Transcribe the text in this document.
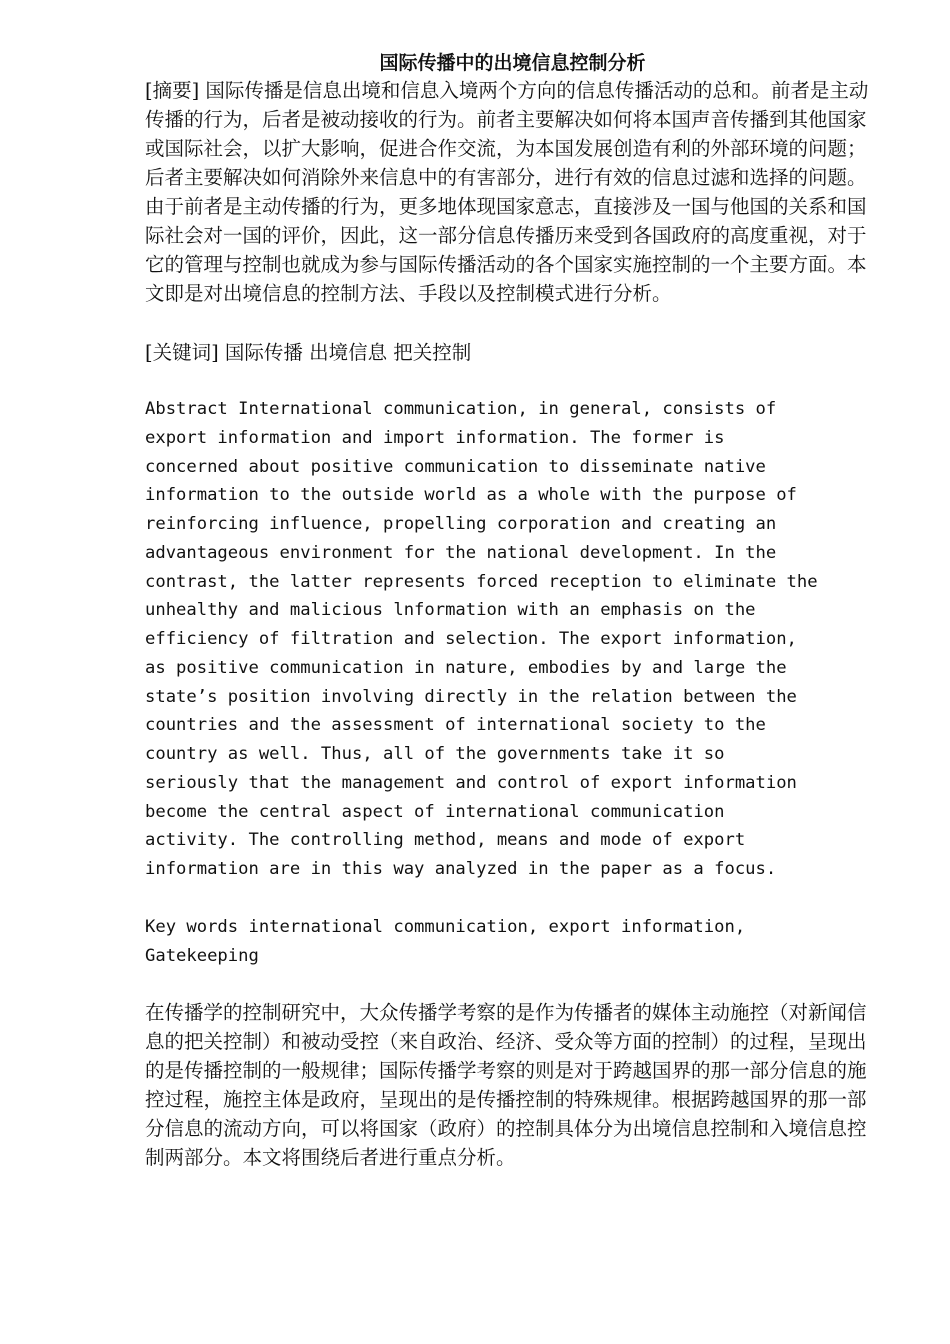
国际传播中的出境信息控制分析

[摘要] 国际传播是信息出境和信息入境两个方向的信息传播活动的总和。前者是主动传播的行为，后者是被动接收的行为。前者主要解决如何将本国声音传播到其他国家或国际社会，以扩大影响，促进合作交流，为本国发展创造有利的外部环境的问题；后者主要解决如何消除外来信息中的有害部分，进行有效的信息过滤和选择的问题。由于前者是主动传播的行为，更多地体现国家意志，直接涉及一国与他国的关系和国际社会对一国的评价，因此，这一部分信息传播历来受到各国政府的高度重视，对于它的管理与控制也就成为参与国际传播活动的各个国家实施控制的一个主要方面。本文即是对出境信息的控制方法、手段以及控制模式进行分析。

[关键词] 国际传播 出境信息 把关控制

Abstract International communication, in general, consists of
export information and import information. The former is
concerned about positive communication to disseminate native
information to the outside world as a whole with the purpose of
reinforcing influence, propelling corporation and creating an
advantageous environment for the national development. In the
contrast, the latter represents forced reception to eliminate the
unhealthy and malicious lnformation with an emphasis on the
efficiency of filtration and selection. The export information,
as positive communication in nature, embodies by and large the
state’s position involving directly in the relation between the
countries and the assessment of international society to the
country as well. Thus, all of the governments take it so
seriously that the management and control of export information
become the central aspect of international communication
activity. The controlling method, means and mode of export
information are in this way analyzed in the paper as a focus.

Key words international communication, export information,
Gatekeeping

在传播学的控制研究中，大众传播学考察的是作为传播者的媒体主动施控（对新闻信息的把关控制）和被动受控（来自政治、经济、受众等方面的控制）的过程，呈现出的是传播控制的一般规律；国际传播学考察的则是对于跨越国界的那一部分信息的施控过程，施控主体是政府，呈现出的是传播控制的特殊规律。根据跨越国界的那一部分信息的流动方向，可以将国家（政府）的控制具体分为出境信息控制和入境信息控制两部分。本文将围绕后者进行重点分析。
